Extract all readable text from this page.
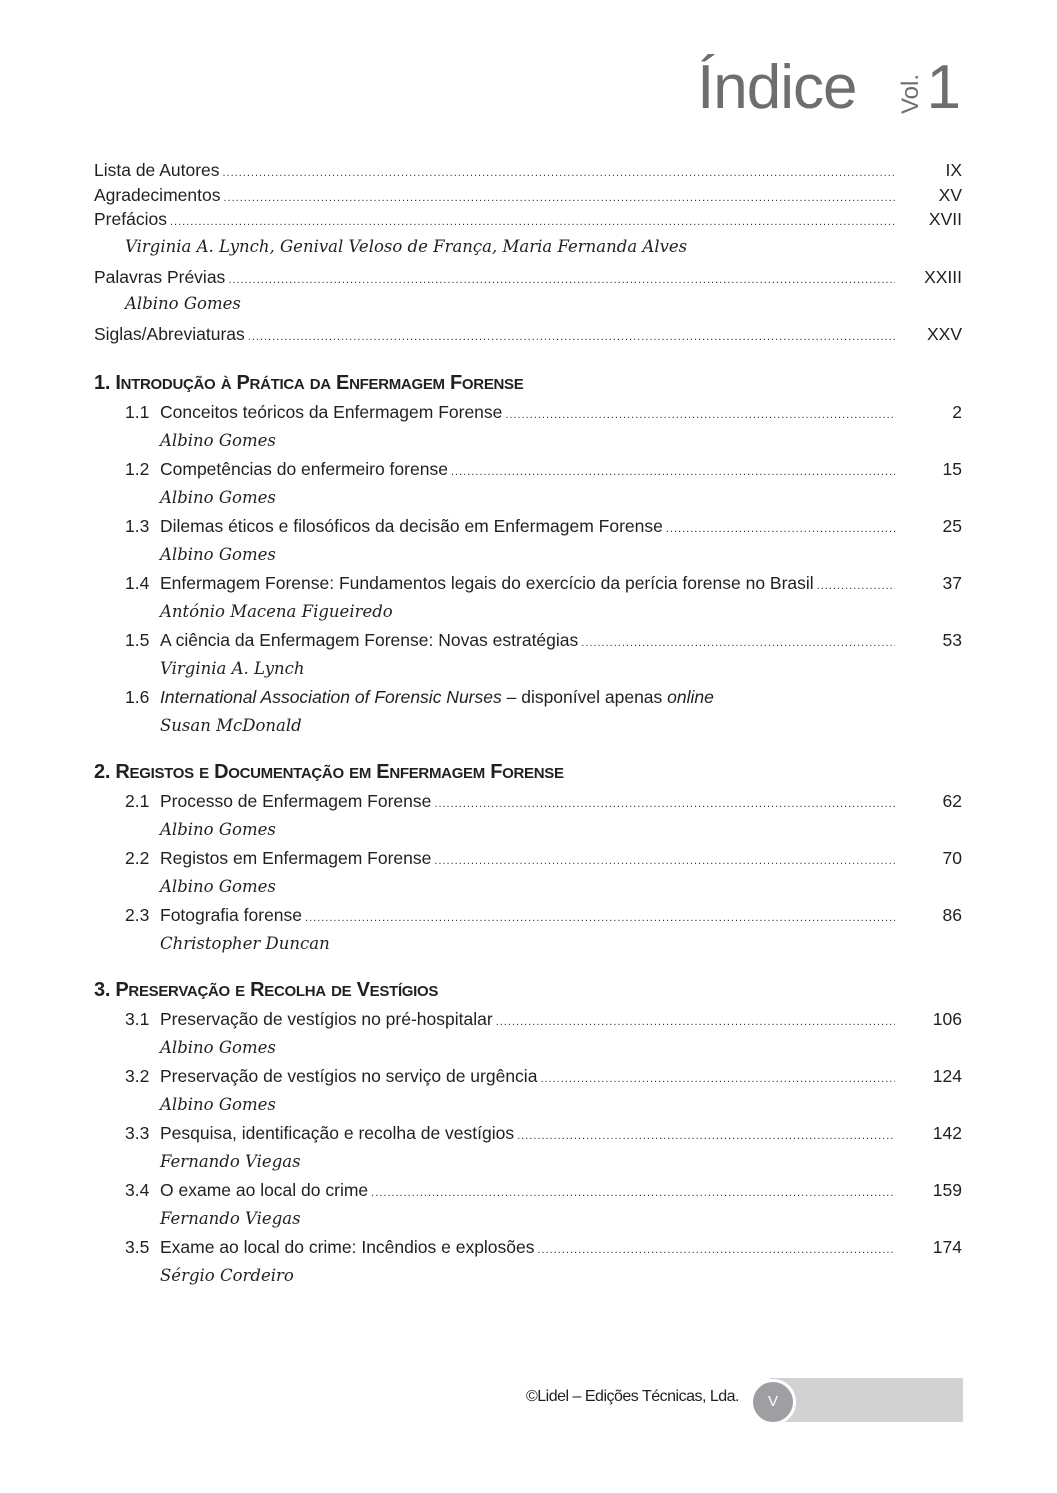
Índice Vol. 1
Lista de Autores .....	IX
Agradecimentos .....	XV
Prefácios .....	XVII
Virginia A. Lynch, Genival Veloso de França, Maria Fernanda Alves
Palavras Prévias .....	XXIII
Albino Gomes
Siglas/Abreviaturas .....	XXV
1. INTRODUÇÃO À PRÁTICA DA ENFERMAGEM FORENSE
1.1 Conceitos teóricos da Enfermagem Forense .....	2
Albino Gomes
1.2 Competências do enfermeiro forense .....	15
Albino Gomes
1.3 Dilemas éticos e filosóficos da decisão em Enfermagem Forense .....	25
Albino Gomes
1.4 Enfermagem Forense: Fundamentos legais do exercício da perícia forense no Brasil .....	37
António Macena Figueiredo
1.5 A ciência da Enfermagem Forense: Novas estratégias .....	53
Virginia A. Lynch
1.6 International Association of Forensic Nurses – disponível apenas online
Susan McDonald
2. REGISTOS E DOCUMENTAÇÃO EM ENFERMAGEM FORENSE
2.1 Processo de Enfermagem Forense .....	62
Albino Gomes
2.2 Registos em Enfermagem Forense .....	70
Albino Gomes
2.3 Fotografia forense .....	86
Christopher Duncan
3. PRESERVAÇÃO E RECOLHA DE VESTÍGIOS
3.1 Preservação de vestígios no pré-hospitalar .....	106
Albino Gomes
3.2 Preservação de vestígios no serviço de urgência .....	124
Albino Gomes
3.3 Pesquisa, identificação e recolha de vestígios .....	142
Fernando Viegas
3.4 O exame ao local do crime .....	159
Fernando Viegas
3.5 Exame ao local do crime: Incêndios e explosões .....	174
Sérgio Cordeiro
©Lidel – Edições Técnicas, Lda.	V
